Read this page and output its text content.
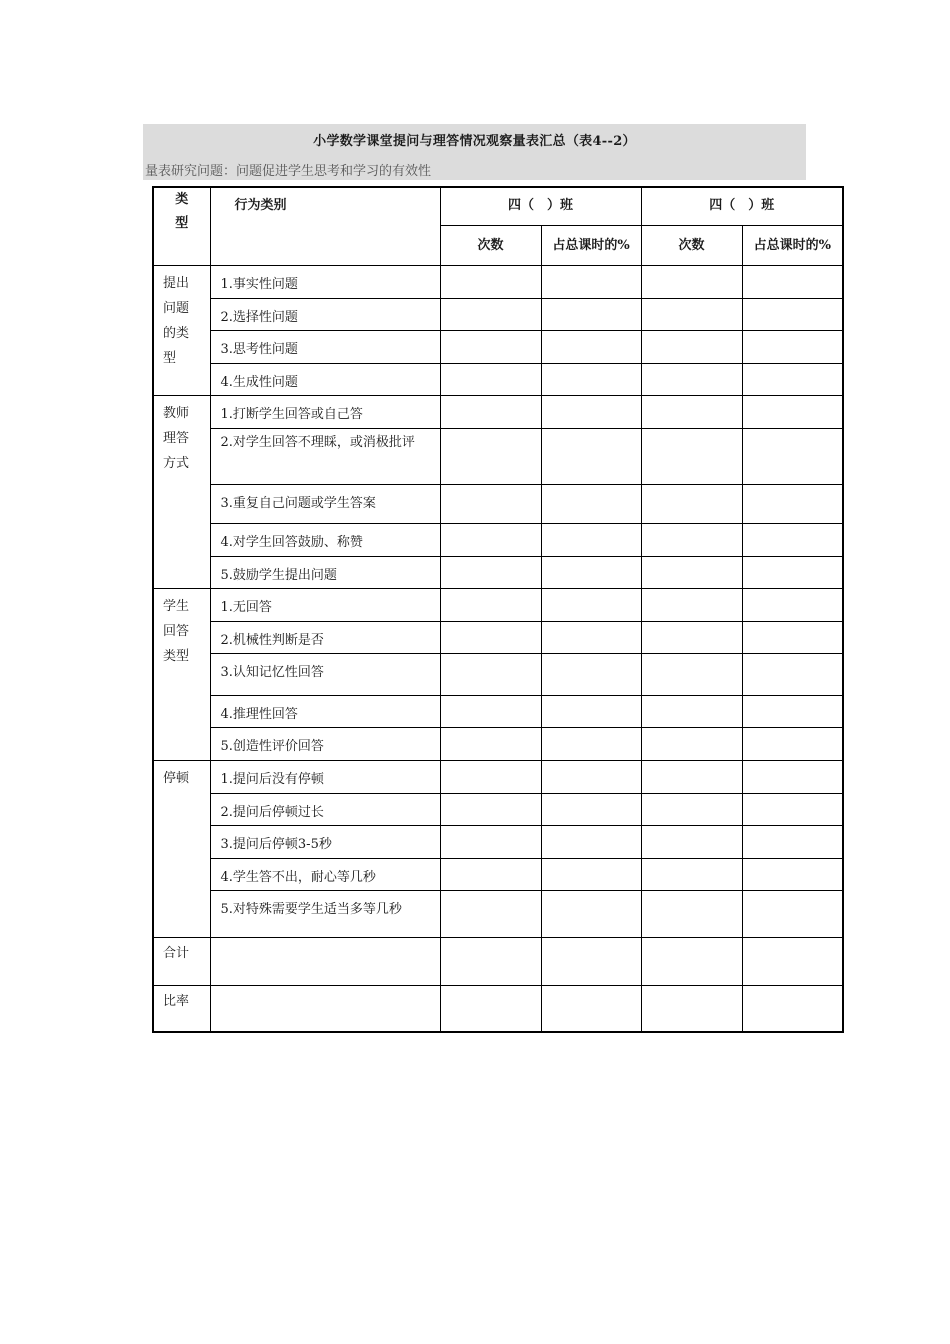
小学数学课堂提问与理答情况观察量表汇总（表4--2）
量表研究问题：问题促进学生思考和学习的有效性
类
型	行为类别	四（　）班		四（　）班	
		次数	占总课时的%	次数	占总课时的%

提出
问题
的类
型	1.事实性问题				
	2.选择性问题				
	3.思考性问题				
	4.生成性问题				

教师
理答
方式	1.打断学生回答或自己答				
	2.对学生回答不理睬，或消极批评				
	3.重复自己问题或学生答案				
	4.对学生回答鼓励、称赞				
	5.鼓励学生提出问题				

学生
回答
类型	1.无回答				
	2.机械性判断是否				
	3.认知记忆性回答				
	4.推理性回答				
	5.创造性评价回答				

停顿	1.提问后没有停顿				
	2.提问后停顿过长				
	3.提问后停顿3-5秒				
	4.学生答不出，耐心等几秒				
	5.对特殊需要学生适当多等几秒				
合计					
比率					
